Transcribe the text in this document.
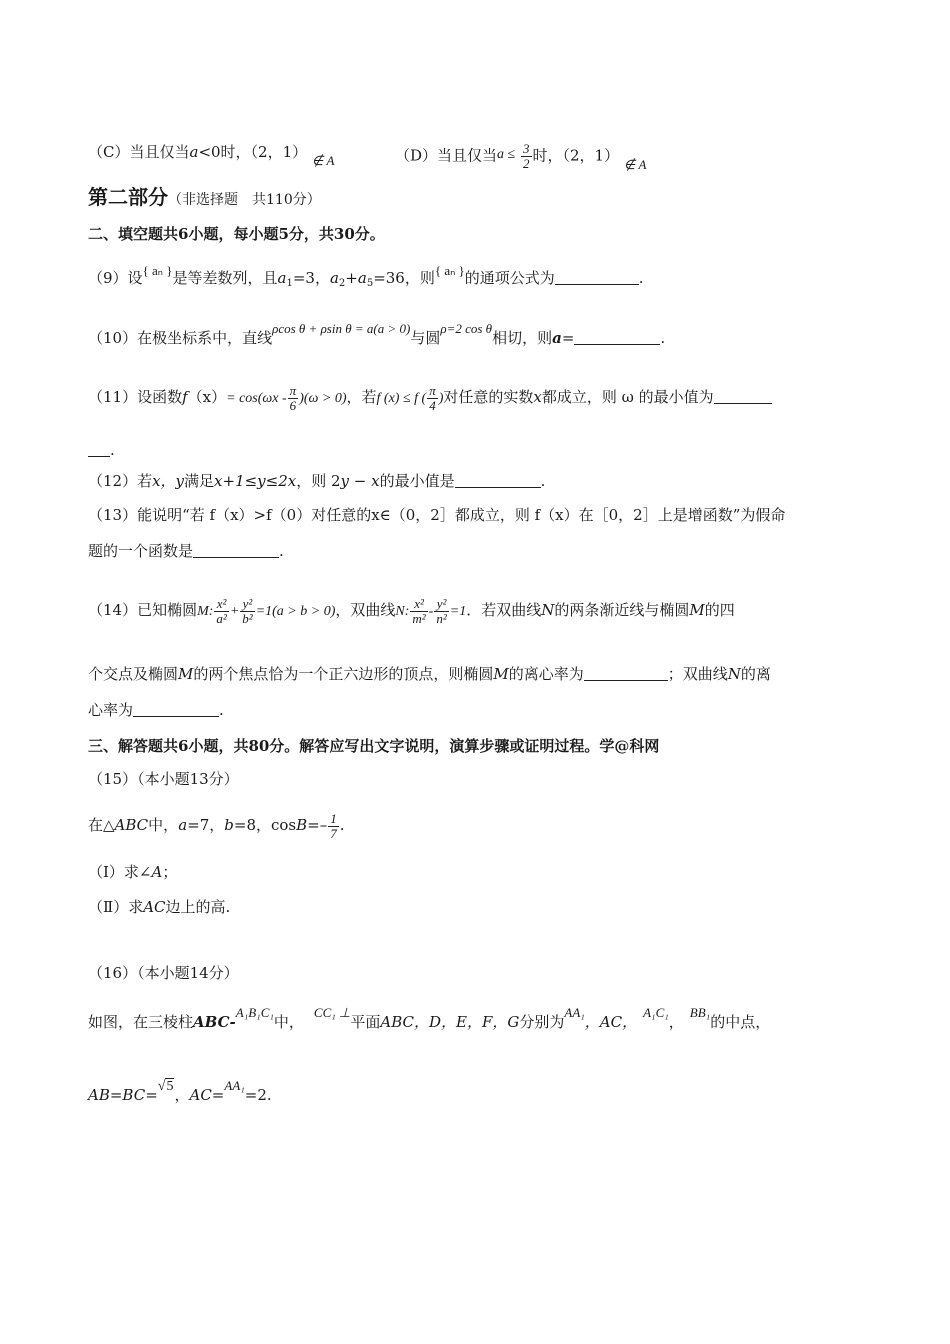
（C）当且仅当a<0时，（2，1） ∉ A	（D）当且仅当$a \le \frac{3}{2}$ 时，（2，1） ∉ A
第二部分（非选择题　共110分）
二、填空题共6小题，每小题5分，共30分。
（9）设{ aₙ }是等差数列，且$a_1=3$，$a_2+a_5=36$，则{ aₙ }的通项公式为	.
（10）在极坐标系中，直线ρcos θ + ρsin θ = a(a > 0)与圆ρ=2 cos θ相切，则a=	.
（11）设函数$f(x)= \cos(\omega x - \frac{\pi}{6} )(\omega > 0)$，若f (x) ≤ f ( $\frac{\pi}{4}$ )对任意的实数x都成立，则 ω 的最小值为
.
（12）若x，y满足x+1≤y≤2x，则 2y − x的最小值是	.
（13）能说明“若 f（x）>f（0）对任意的x∈（0，2］都成立，则 f（x）在［0，2］上是增函数”为假命
题的一个函数是	.
（14）已知椭圆M: $\frac{\text{x²}}{\text{a²}} + \frac{\text{y²}}{\text{b²}} =1(a > b > 0)$，双曲线N: $\frac{\text{x²}}{\text{m²}} - \frac{\text{y²}}{\text{n²}} =1$．若双曲线N的两条渐近线与椭圆M的四
个交点及椭圆M的两个焦点恰为一个正六边形的顶点，则椭圆M的离心率为	；双曲线N的离
心率为	.
三、解答题共6小题，共80分。解答应写出文字说明，演算步骤或证明过程。学@科网
（15）（本小题13分）
在△ABC中，a=7，b=8，$\cos B=- \frac{1}{7}$ .
（Ⅰ）求∠A；
（Ⅱ）求AC边上的高.
（16）（本小题14分）
如图，在三棱柱ABC-A₁B₁C₁中，CC₁ ⊥平面ABC，D，E，F，G分别为AA₁，AC，A₁C₁，BB₁的中点，
AB=BC=√5，AC=AA₁=2.
